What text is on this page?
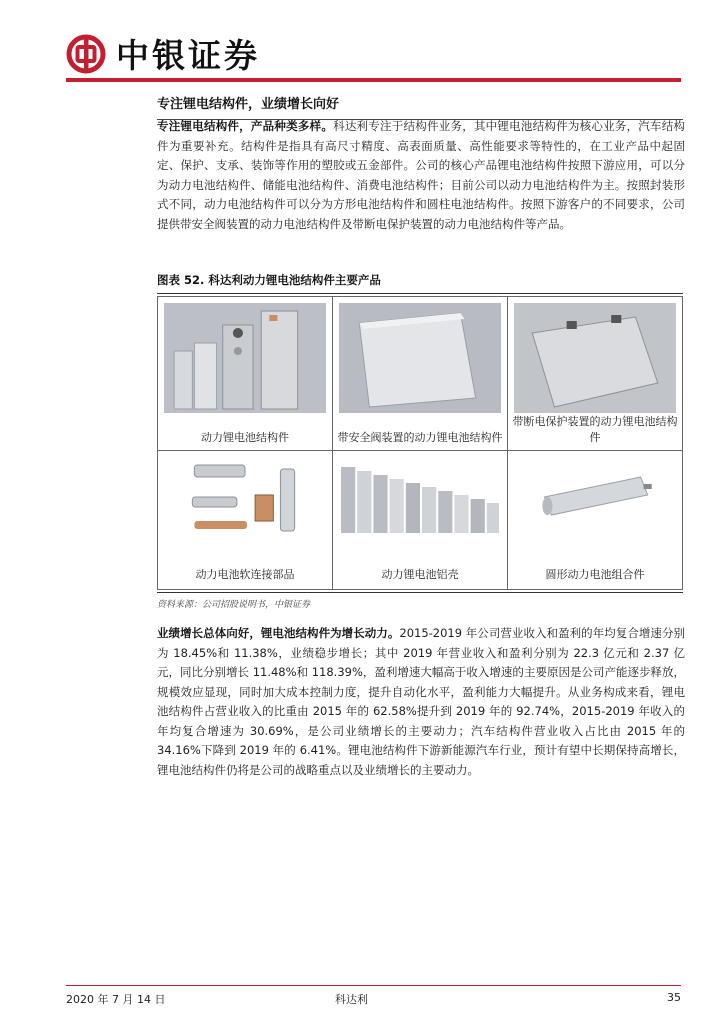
中银证券
专注锂电结构件，业绩增长向好
专注锂电结构件，产品种类多样。科达利专注于结构件业务，其中锂电池结构件为核心业务，汽车结构件为重要补充。结构件是指具有高尺寸精度、高表面质量、高性能要求等特性的，在工业产品中起固定、保护、支承、装饰等作用的塑胶或五金部件。公司的核心产品锂电池结构件按照下游应用，可以分为动力电池结构件、储能电池结构件、消费电池结构件；目前公司以动力电池结构件为主。按照封装形式不同，动力电池结构件可以分为方形电池结构件和圆柱电池结构件。按照下游客户的不同要求，公司提供带安全阀装置的动力电池结构件及带断电保护装置的动力电池结构件等产品。
图表 52. 科达利动力锂电池结构件主要产品
动力锂电池结构件	带安全阀装置的动力锂电池结构件	带断电保护装置的动力锂电池结构件

动力电池软连接部品	动力锂电池铝壳	圆形动力电池组合件
资料来源：公司招股说明书，中银证券
业绩增长总体向好，锂电池结构件为增长动力。2015-2019 年公司营业收入和盈利的年均复合增速分别为 18.45%和 11.38%，业绩稳步增长；其中 2019 年营业收入和盈利分别为 22.3 亿元和 2.37 亿元，同比分别增长 11.48%和 118.39%，盈利增速大幅高于收入增速的主要原因是公司产能逐步释放，规模效应显现，同时加大成本控制力度，提升自动化水平，盈利能力大幅提升。从业务构成来看，锂电池结构件占营业收入的比重由 2015 年的 62.58%提升到 2019 年的 92.74%，2015-2019 年收入的年均复合增速为 30.69%，是公司业绩增长的主要动力；汽车结构件营业收入占比由 2015 年的 34.16%下降到 2019 年的 6.41%。锂电池结构件下游新能源汽车行业，预计有望中长期保持高增长，锂电池结构件仍将是公司的战略重点以及业绩增长的主要动力。
2020 年 7 月 14 日	科达利	35
